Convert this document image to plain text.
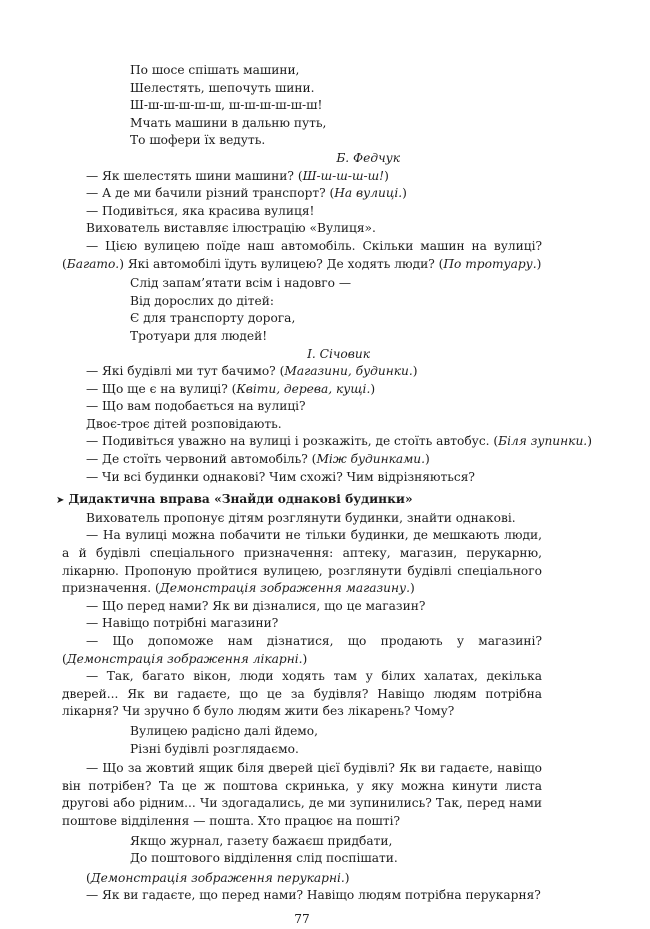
По шосе спішать машини,
Шелестять, шепочуть шини.
Ш-ш-ш-ш-ш-ш, ш-ш-ш-ш-ш-ш!
Мчать машини в дальню путь,
То шофери їх ведуть.
Б. Федчук

— Як шелестять шини машини? (Ш-ш-ш-ш-ш!)

— А де ми бачили різний транспорт? (На вулиці.)

— Подивіться, яка красива вулиця!

Вихователь виставляє ілюстрацію «Вулиця».

— Цією вулицею поїде наш автомобіль. Скільки машин на вулиці? (Багато.) Які автомобілі їдуть вулицею? Де ходять люди? (По тротуару.)

Слід запам’ятати всім і надовго —
Від дорослих до дітей:
Є для транспорту дорога,
Тротуари для людей!
І. Січовик

— Які будівлі ми тут бачимо? (Магазини, будинки.)

— Що ще є на вулиці? (Квіти, дерева, кущі.)

— Що вам подобається на вулиці?

Двоє-троє дітей розповідають.

— Подивіться уважно на вулиці і розкажіть, де стоїть автобус. (Біля зупинки.)

— Де стоїть червоний автомобіль? (Між будинками.)

— Чи всі будинки однакові? Чим схожі? Чим відрізняються?

➤ Дидактична вправа «Знайди однакові будинки»

Вихователь пропонує дітям розглянути будинки, знайти однакові.

— На вулиці можна побачити не тільки будинки, де мешкають люди, а й будівлі спеціального призначення: аптеку, магазин, перукарню, лікарню. Пропоную пройтися вулицею, розглянути будівлі спеціального призначення. (Демонстрація зображення магазину.)

— Що перед нами? Як ви дізналися, що це магазин?

— Навіщо потрібні магазини?

— Що допоможе нам дізнатися, що продають у магазині? (Демонстрація зображення лікарні.)

— Так, багато вікон, люди ходять там у білих халатах, декілька дверей... Як ви гадаєте, що це за будівля? Навіщо людям потрібна лікарня? Чи зручно б було людям жити без лікарень? Чому?

Вулицею радісно далі йдемо,
Різні будівлі розглядаємо.

— Що за жовтий ящик біля дверей цієї будівлі? Як ви гадаєте, навіщо він потрібен? Та це ж поштова скринька, у яку можна кинути листа другові або рідним... Чи здогадались, де ми зупинились? Так, перед нами поштове відділення — пошта. Хто працює на пошті?

Якщо журнал, газету бажаєш придбати,
До поштового відділення слід поспішати.

(Демонстрація зображення перукарні.)

— Як ви гадаєте, що перед нами? Навіщо людям потрібна перукарня?

77
